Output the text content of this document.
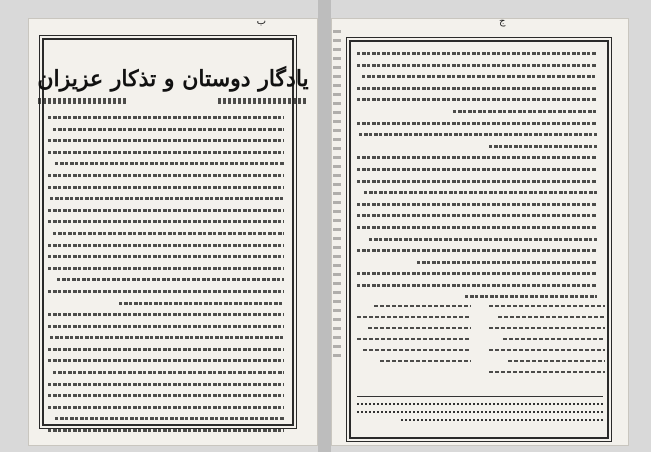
ب
یادگار دوستان و تذکار عزیزان
ج
